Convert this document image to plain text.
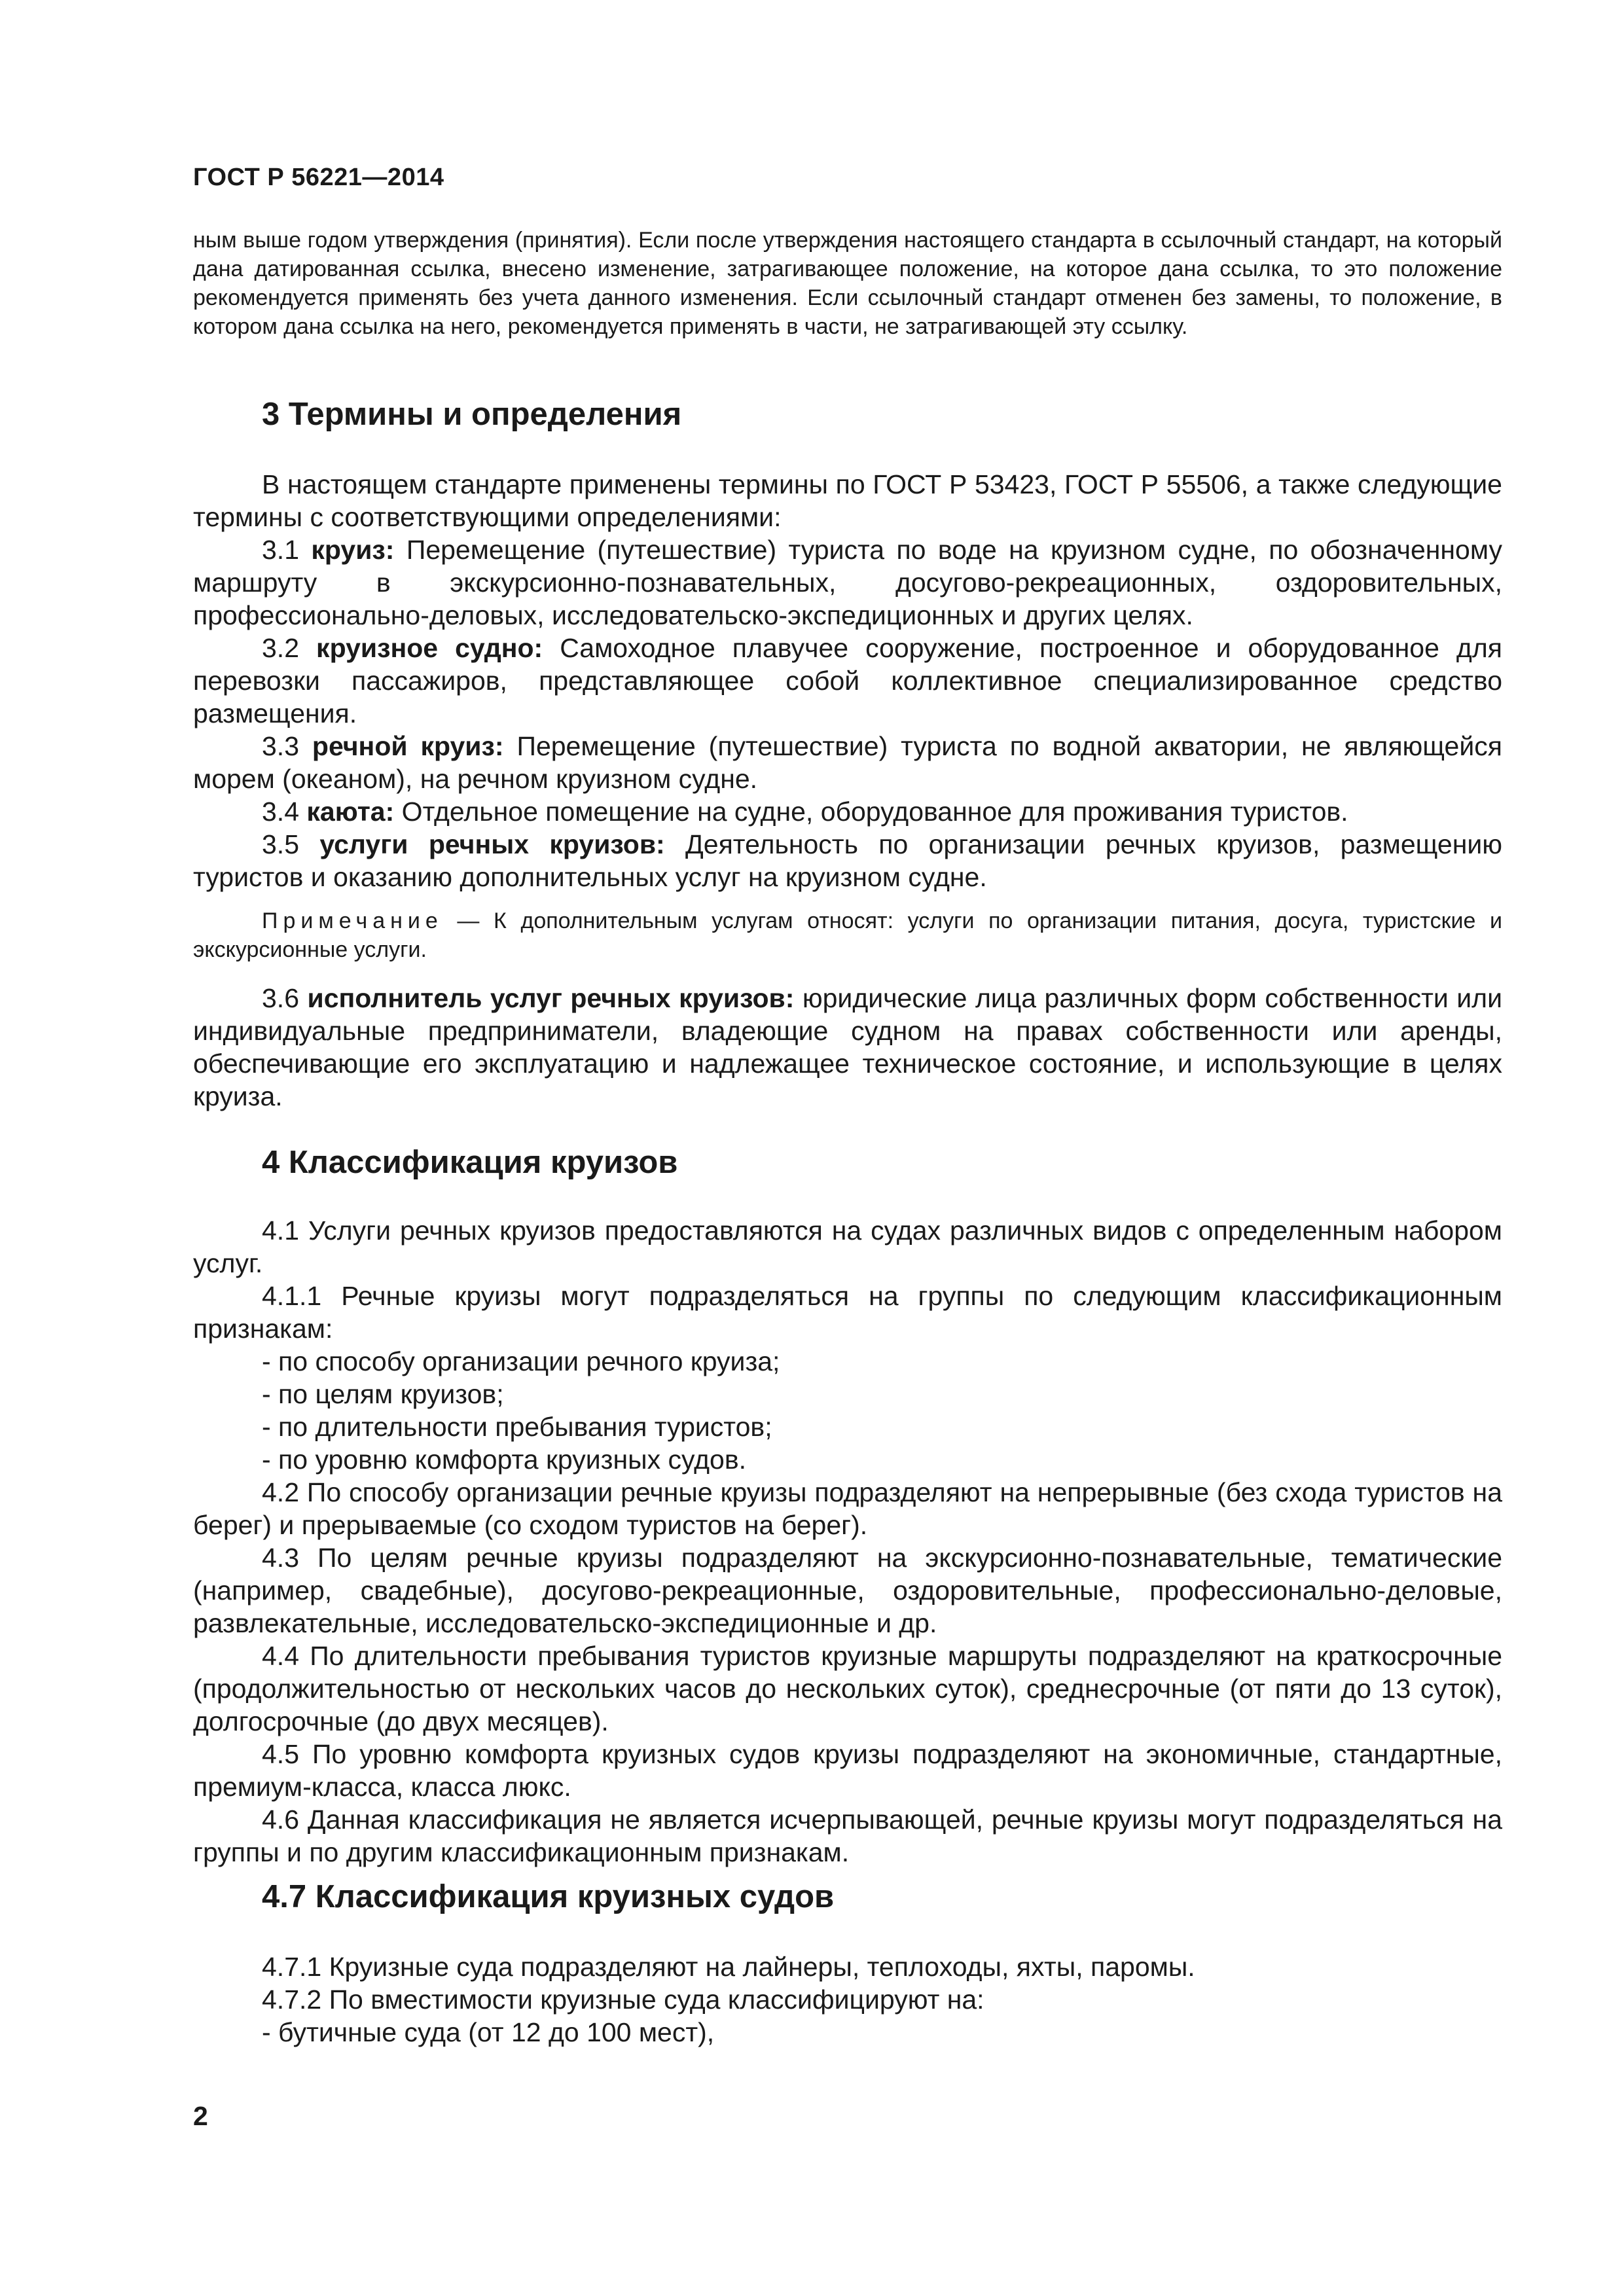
ГОСТ Р 56221—2014

ным выше годом утверждения (принятия). Если после утверждения настоящего стандарта в ссылочный стандарт, на который дана датированная ссылка, внесено изменение, затрагивающее положение, на которое дана ссылка, то это положение рекомендуется применять без учета данного изменения. Если ссылочный стандарт отменен без замены, то положение, в котором дана ссылка на него, рекомендуется применять в части, не затрагивающей эту ссылку.

3 Термины и определения

В настоящем стандарте применены термины по ГОСТ Р 53423, ГОСТ Р 55506, а также следующие термины с соответствующими определениями:

3.1 круиз: Перемещение (путешествие) туриста по воде на круизном судне, по обозначенному маршруту в экскурсионно-познавательных, досугово-рекреационных, оздоровительных, профессионально-деловых, исследовательско-экспедиционных и других целях.

3.2 круизное судно: Самоходное плавучее сооружение, построенное и оборудованное для перевозки пассажиров, представляющее собой коллективное специализированное средство размещения.

3.3 речной круиз: Перемещение (путешествие) туриста по водной акватории, не являющейся морем (океаном), на речном круизном судне.

3.4 каюта: Отдельное помещение на судне, оборудованное для проживания туристов.

3.5 услуги речных круизов: Деятельность по организации речных круизов, размещению туристов и оказанию дополнительных услуг на круизном судне.

Примечание — К дополнительным услугам относят: услуги по организации питания, досуга, туристские и экскурсионные услуги.

3.6 исполнитель услуг речных круизов: юридические лица различных форм собственности или индивидуальные предприниматели, владеющие судном на правах собственности или аренды, обеспечивающие его эксплуатацию и надлежащее техническое состояние, и использующие в целях круиза.

4 Классификация круизов

4.1 Услуги речных круизов предоставляются на судах различных видов с определенным набором услуг.

4.1.1 Речные круизы могут подразделяться на группы по следующим классификационным признакам:

- по способу организации речного круиза;

- по целям круизов;

- по длительности пребывания туристов;

- по уровню комфорта круизных судов.

4.2 По способу организации речные круизы подразделяют на непрерывные (без схода туристов на берег) и прерываемые (со сходом туристов на берег).

4.3 По целям речные круизы подразделяют на экскурсионно-познавательные, тематические (например, свадебные), досугово-рекреационные, оздоровительные, профессионально-деловые, развлекательные, исследовательско-экспедиционные и др.

4.4 По длительности пребывания туристов круизные маршруты подразделяют на краткосрочные (продолжительностью от нескольких часов до нескольких суток), среднесрочные (от пяти до 13 суток), долгосрочные (до двух месяцев).

4.5 По уровню комфорта круизных судов круизы подразделяют на экономичные, стандартные, премиум-класса, класса люкс.

4.6 Данная классификация не является исчерпывающей, речные круизы могут подразделяться на группы и по другим классификационным признакам.

4.7 Классификация круизных судов

4.7.1 Круизные суда подразделяют на лайнеры, теплоходы, яхты, паромы.

4.7.2 По вместимости круизные суда классифицируют на:

- бутичные суда (от 12 до 100 мест),

2
